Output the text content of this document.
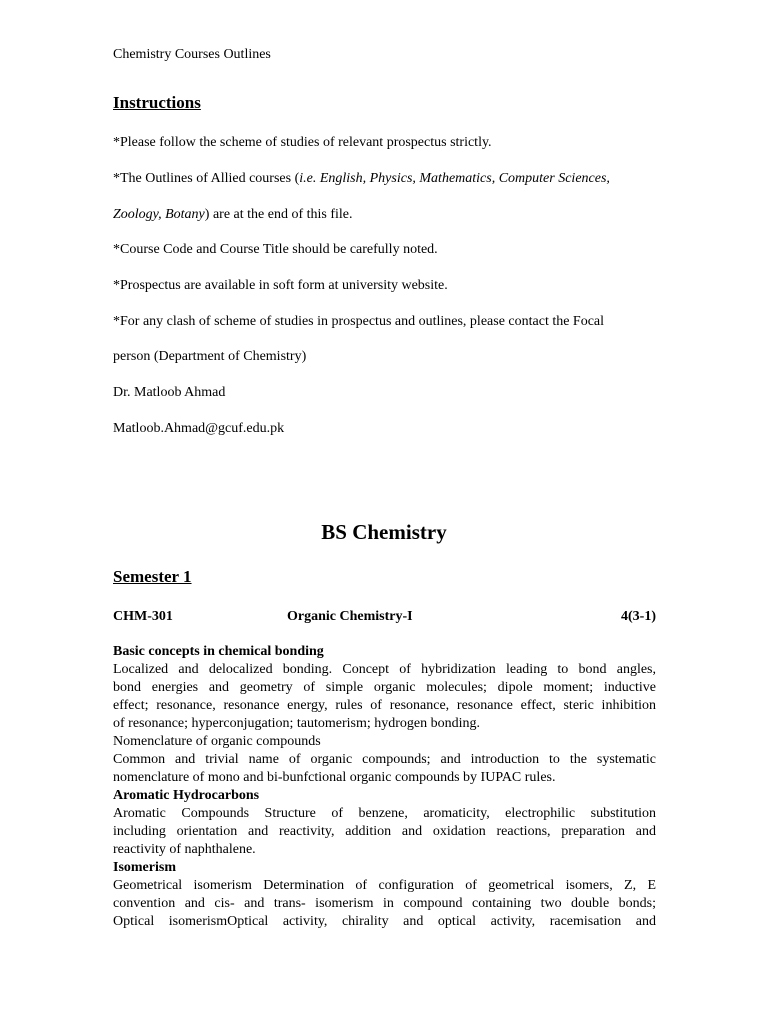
Chemistry Courses Outlines
Instructions
*Please follow the scheme of studies of relevant prospectus strictly.
*The Outlines of Allied courses (i.e. English, Physics, Mathematics, Computer Sciences,
Zoology, Botany) are at the end of this file.
*Course Code and Course Title should be carefully noted.
*Prospectus are available in soft form at university website.
*For any clash of scheme of studies in prospectus and outlines, please contact the Focal
person (Department of Chemistry)
Dr. Matloob Ahmad
Matloob.Ahmad@gcuf.edu.pk
BS Chemistry
Semester 1
CHM-301	Organic Chemistry-I	4(3-1)
Basic concepts in chemical bonding
Localized and delocalized bonding. Concept of hybridization leading to bond angles,
bond energies and geometry of simple organic molecules; dipole moment; inductive
effect; resonance, resonance energy, rules of resonance, resonance effect, steric inhibition
of resonance; hyperconjugation; tautomerism; hydrogen bonding.
Nomenclature of organic compounds
Common and trivial name of organic compounds; and introduction to the systematic
nomenclature of mono and bi-bunfctional organic compounds by IUPAC rules.
Aromatic Hydrocarbons
Aromatic Compounds Structure of benzene, aromaticity, electrophilic substitution
including orientation and reactivity, addition and oxidation reactions, preparation and
reactivity of naphthalene.
Isomerism
Geometrical isomerism Determination of configuration of geometrical isomers, Z, E
convention and cis- and trans- isomerism in compound containing two double bonds;
Optical isomerismOptical activity, chirality and optical activity, racemisation and
